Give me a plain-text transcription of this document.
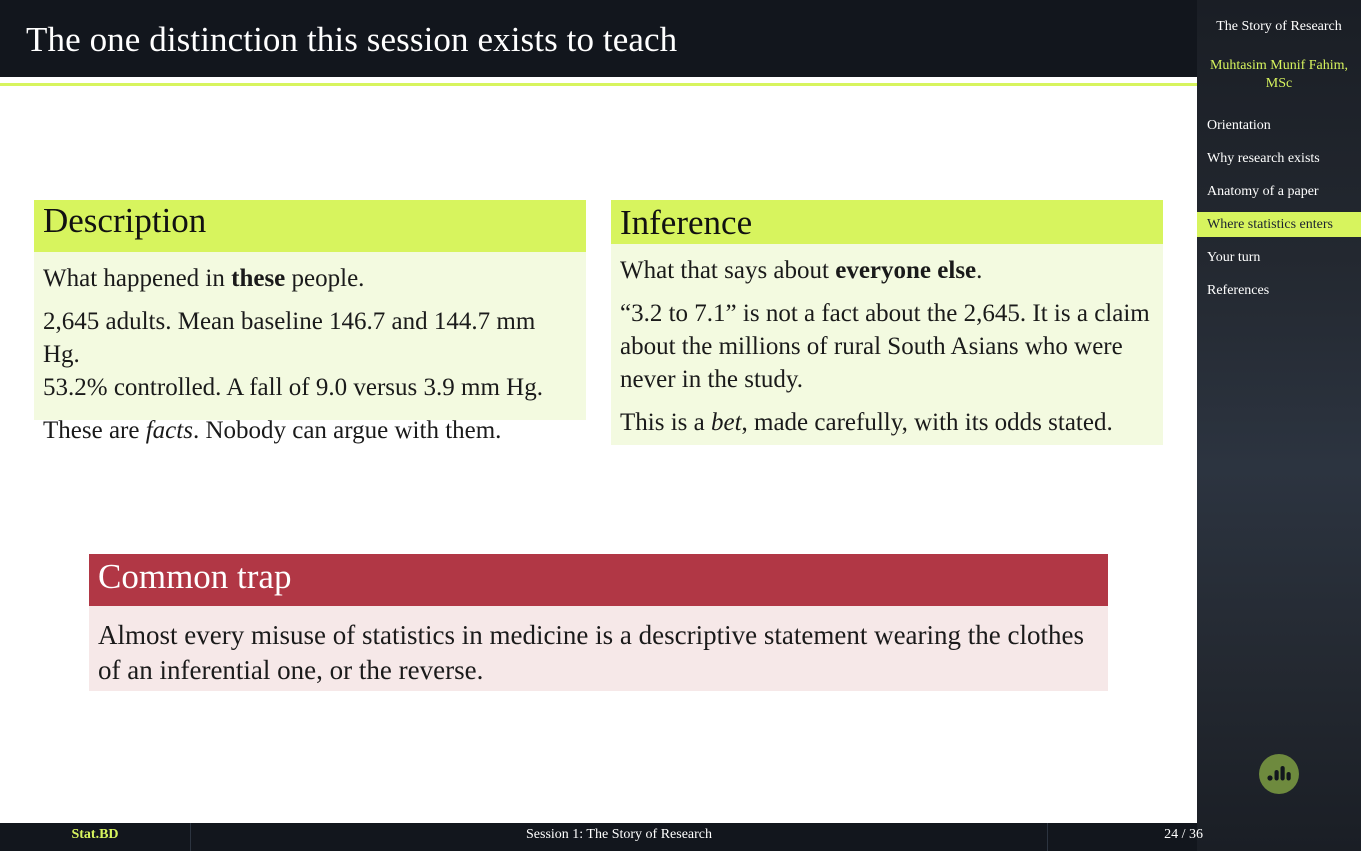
The one distinction this session exists to teach
Description

What happened in these people.

2,645 adults. Mean baseline 146.7 and 144.7 mm Hg.
53.2% controlled. A fall of 9.0 versus 3.9 mm Hg.

These are facts. Nobody can argue with them.

Inference

What that says about everyone else.

“3.2 to 7.1” is not a fact about the 2,645. It is a claim about the millions of rural South Asians who were never in the study.

This is a bet, made carefully, with its odds stated.

Common trap
Almost every misuse of statistics in medicine is a descriptive statement wearing the clothes of an inferential one, or the reverse.
The Story of Research
Muhtasim Munif Fahim, MSc
Orientation
Why research exists
Anatomy of a paper
Where statistics enters
Your turn
References
Stat.BD	Session 1: The Story of Research	24 / 36
